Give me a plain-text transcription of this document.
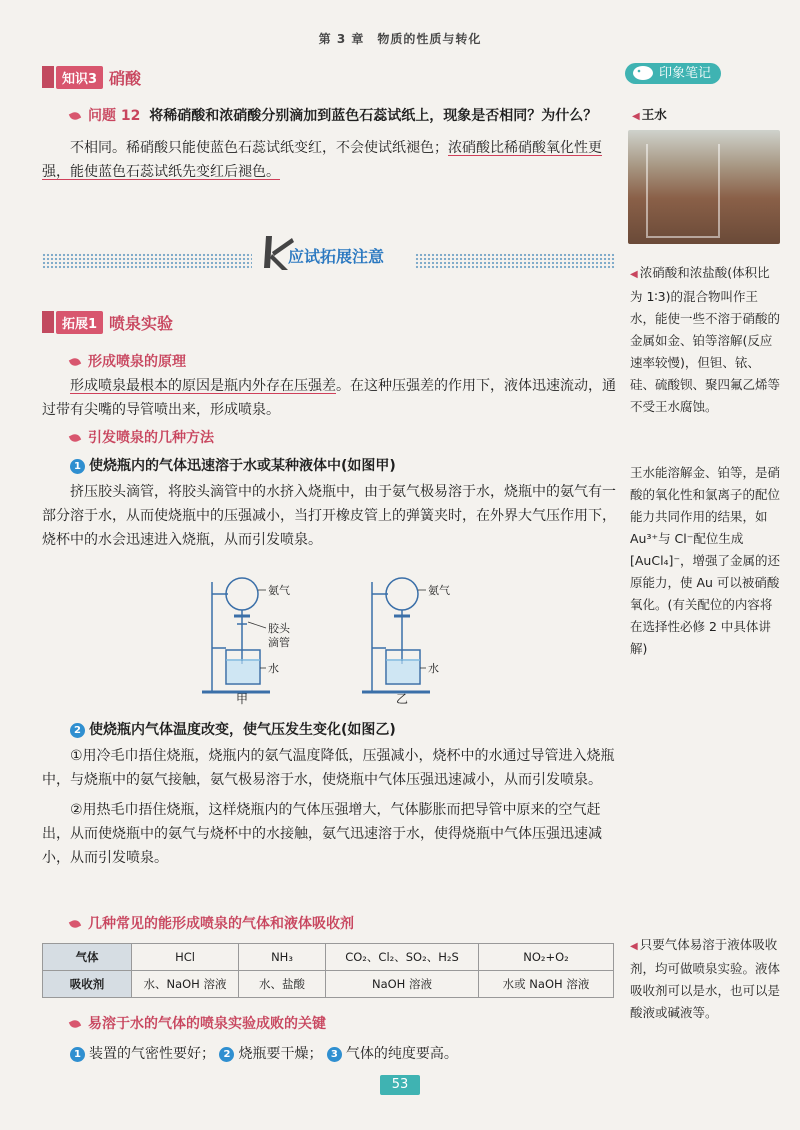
第 3 章　物质的性质与转化
知识3 硝酸
问题 12 将稀硝酸和浓硝酸分别滴加到蓝色石蕊试纸上，现象是否相同？为什么？
不相同。稀硝酸只能使蓝色石蕊试纸变红，不会使试纸褪色；浓硝酸比稀硝酸氧化性更强，能使蓝色石蕊试纸先变红后褪色。
应试拓展注意
拓展1 喷泉实验
形成喷泉的原理
形成喷泉最根本的原因是瓶内外存在压强差。在这种压强差的作用下，液体迅速流动，通过带有尖嘴的导管喷出来，形成喷泉。
引发喷泉的几种方法
1 使烧瓶内的气体迅速溶于水或某种液体中(如图甲)
挤压胶头滴管，将胶头滴管中的水挤入烧瓶中，由于氨气极易溶于水，烧瓶中的氨气有一部分溶于水，从而使烧瓶中的压强减小，当打开橡皮管上的弹簧夹时，在外界大气压作用下，烧杯中的水会迅速进入烧瓶，从而引发喷泉。
氨气
胶头
滴管
水
甲
氨气
水
乙
2 使烧瓶内气体温度改变，使气压发生变化(如图乙)
①用冷毛巾捂住烧瓶，烧瓶内的氨气温度降低，压强减小，烧杯中的水通过导管进入烧瓶中，与烧瓶中的氨气接触，氨气极易溶于水，使烧瓶中气体压强迅速减小，从而引发喷泉。
②用热毛巾捂住烧瓶，这样烧瓶内的气体压强增大，气体膨胀而把导管中原来的空气赶出，从而使烧瓶中的氨气与烧杯中的水接触，氨气迅速溶于水，使得烧瓶中气体压强迅速减小，从而引发喷泉。
几种常见的能形成喷泉的气体和液体吸收剂
气体	HCl	NH₃	CO₂、Cl₂、SO₂、H₂S	NO₂+O₂
吸收剂	水、NaOH 溶液	水、盐酸	NaOH 溶液	水或 NaOH 溶液
易溶于水的气体的喷泉实验成败的关键
1 装置的气密性要好； 2 烧瓶要干燥； 3 气体的纯度要高。
53
印象笔记
◀ 王水
◀ 浓硝酸和浓盐酸(体积比为 1∶3)的混合物叫作王水，能使一些不溶于硝酸的金属如金、铂等溶解(反应速率较慢)，但钽、铱、硅、硫酸钡、聚四氟乙烯等不受王水腐蚀。
王水能溶解金、铂等，是硝酸的氧化性和氯离子的配位能力共同作用的结果，如 Au³⁺与 Cl⁻配位生成[AuCl₄]⁻，增强了金属的还原能力，使 Au 可以被硝酸氧化。(有关配位的内容将在选择性必修 2 中具体讲解)
◀ 只要气体易溶于液体吸收剂，均可做喷泉实验。液体吸收剂可以是水，也可以是酸液或碱液等。
